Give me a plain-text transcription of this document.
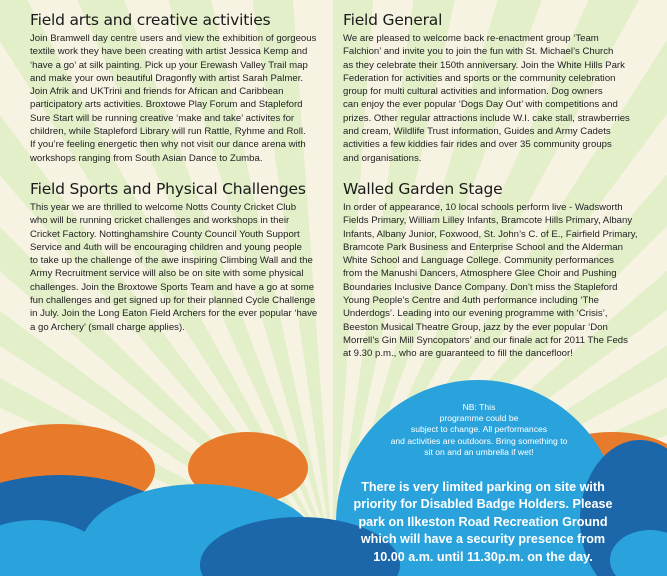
Field arts and creative activities

Join Bramwell day centre users and view the exhibition of gorgeous
textile work they have been creating with artist Jessica Kemp and
‘have a go’ at silk painting. Pick up your Erewash Valley Trail map
and make your own beautiful Dragonfly with artist Sarah Palmer.
Join Afrik and UKTrini and friends for African and Caribbean
participatory arts activities. Broxtowe Play Forum and Stapleford
Sure Start will be running creative ‘make and take’ activites for
children, while Stapleford Library will run Rattle, Ryhme and Roll.
If you’re feeling energetic then why not visit our dance arena with
workshops ranging from South Asian Dance to Zumba.

Field Sports and Physical Challenges

This year we are thrilled to welcome Notts County Cricket Club
who will be running cricket challenges and workshops in their
Cricket Factory. Nottinghamshire County Council Youth Support
Service and 4uth will be encouraging children and young people
to take up the challenge of the awe inspiring Climbing Wall and the
Army Recruitment service will also be on site with some physical
challenges. Join the Broxtowe Sports Team and have a go at some
fun challenges and get signed up for their planned Cycle Challenge
in July. Join the Long Eaton Field Archers for the ever popular ‘have
a go Archery’ (small charge applies).

Field General

We are pleased to welcome back re-enactment group ‘Team
Falchion’ and invite you to join the fun with St. Michael’s Church
as they celebrate their 150th anniversary. Join the White Hills Park
Federation for activities and sports or the community celebration
group for multi cultural activities and information. Dog owners
can enjoy the ever popular ‘Dogs Day Out’ with competitions and
prizes. Other regular attractions include W.I. cake stall, strawberries
and cream, Wildlife Trust information, Guides and Army Cadets
activities a few kiddies fair rides and over 35 community groups
and organisations.

Walled Garden Stage

In order of appearance, 10 local schools perform live - Wadsworth
Fields Primary, William Lilley Infants, Bramcote Hills Primary, Albany
Infants, Albany Junior, Foxwood, St. John’s C. of E., Fairfield Primary,
Bramcote Park Business and Enterprise School and the Alderman
White School and Language College. Community performances
from the Manushi Dancers, Atmosphere Glee Choir and Pushing
Boundaries Inclusive Dance Company. Don’t miss the Stapleford
Young People’s Centre and 4uth performance including ‘The
Underdogs’. Leading into our evening programme with ‘Crisis’,
Beeston Musical Theatre Group, jazz by the ever popular ‘Don
Morrell’s Gin Mill Syncopators’ and our finale act for 2011 The Feds
at 9.30 p.m., who are guaranteed to fill the dancefloor!

NB: This
programme could be
subject to change. All performances
and activities are outdoors. Bring something to
sit on and an umbrella if wet!
There is very limited parking on site with
priority for Disabled Badge Holders. Please
park on Ilkeston Road Recreation Ground
which will have a security presence from
10.00 a.m. until 11.30p.m. on the day.
